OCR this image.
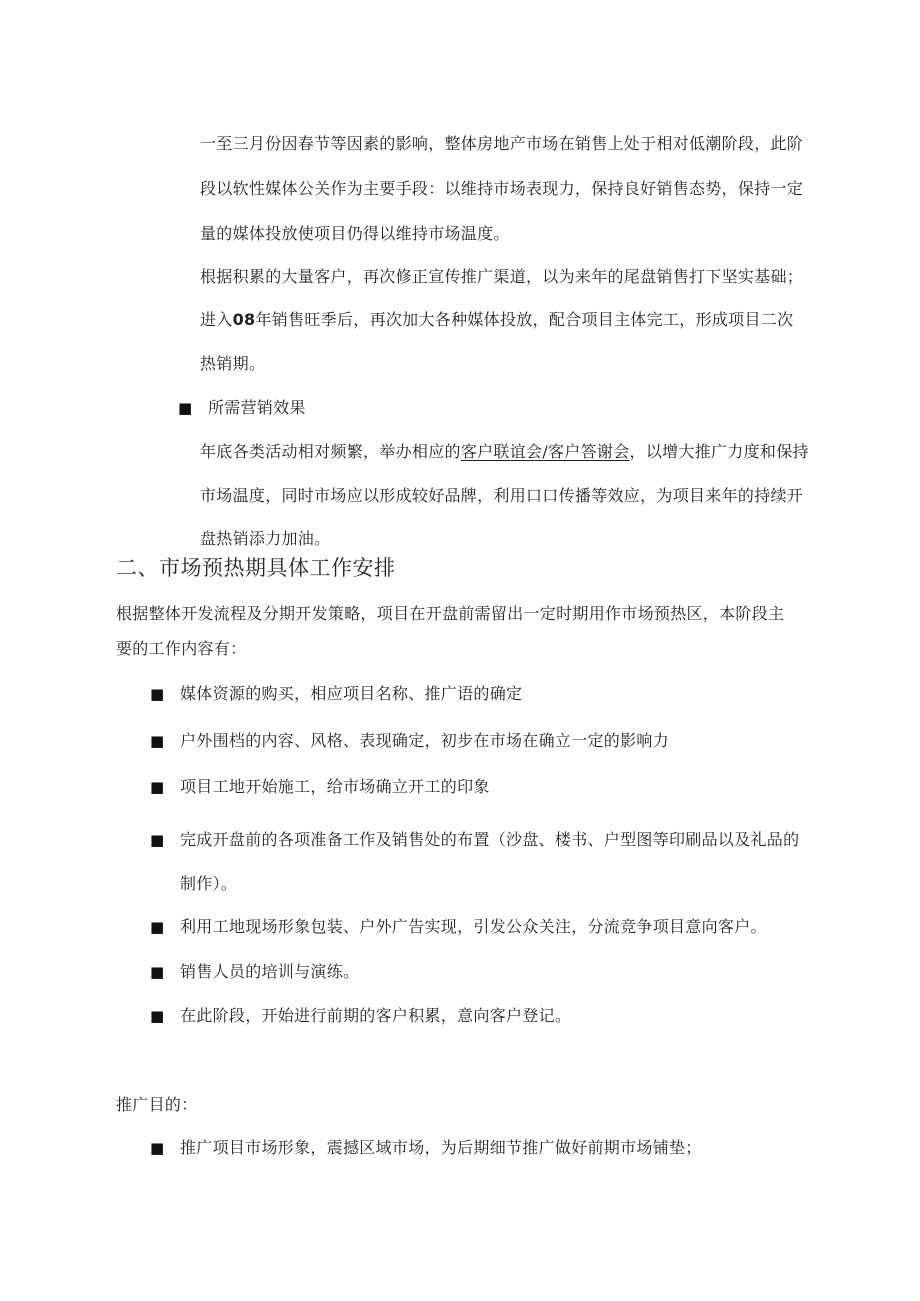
一至三月份因春节等因素的影响，整体房地产市场在销售上处于相对低潮阶段，此阶
段以软性媒体公关作为主要手段：以维持市场表现力，保持良好销售态势，保持一定
量的媒体投放使项目仍得以维持市场温度。
根据积累的大量客户，再次修正宣传推广渠道，以为来年的尾盘销售打下坚实基础；
进入08年销售旺季后，再次加大各种媒体投放，配合项目主体完工，形成项目二次
热销期。
■ 所需营销效果
年底各类活动相对频繁，举办相应的客户联谊会/客户答谢会，以增大推广力度和保持
市场温度，同时市场应以形成较好品牌，利用口口传播等效应，为项目来年的持续开
盘热销添力加油。
二、市场预热期具体工作安排
根据整体开发流程及分期开发策略，项目在开盘前需留出一定时期用作市场预热区，本阶段主
要的工作内容有：
■ 媒体资源的购买，相应项目名称、推广语的确定
■ 户外围档的内容、风格、表现确定，初步在市场在确立一定的影响力
■ 项目工地开始施工，给市场确立开工的印象
■ 完成开盘前的各项准备工作及销售处的布置（沙盘、楼书、户型图等印刷品以及礼品的
制作）。
■ 利用工地现场形象包装、户外广告实现，引发公众关注，分流竞争项目意向客户。
■ 销售人员的培训与演练。
■ 在此阶段，开始进行前期的客户积累，意向客户登记。
推广目的：
■ 推广项目市场形象，震撼区域市场，为后期细节推广做好前期市场铺垫；
